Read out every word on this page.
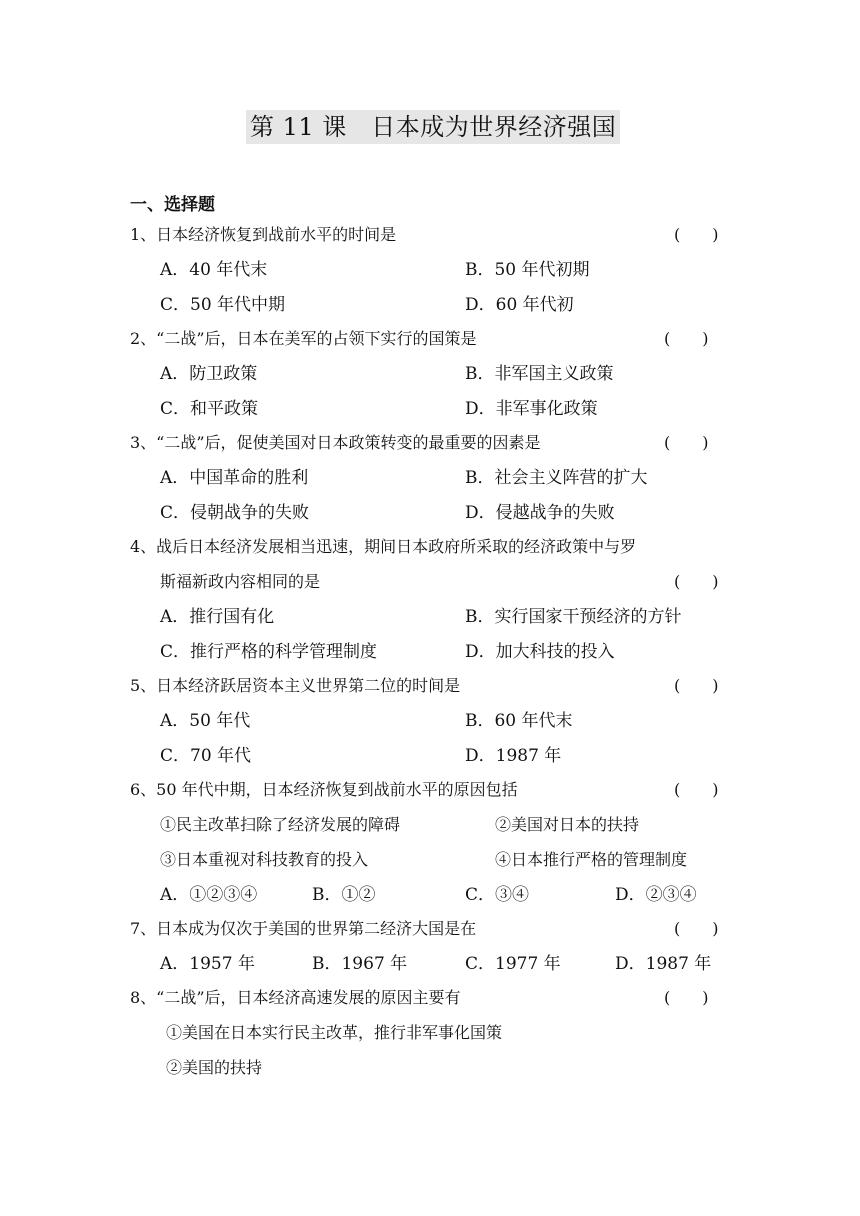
第 11 课　日本成为世界经济强国
一、选择题
1、日本经济恢复到战前水平的时间是	(　　)
A．40 年代末	B．50 年代初期
C．50 年代中期	D．60 年代初
2、“二战”后，日本在美军的占领下实行的国策是	(　　)
A．防卫政策	B．非军国主义政策
C．和平政策	D．非军事化政策
3、“二战”后，促使美国对日本政策转变的最重要的因素是	(　　)
A．中国革命的胜利	B．社会主义阵营的扩大
C．侵朝战争的失败	D．侵越战争的失败
4、战后日本经济发展相当迅速，期间日本政府所采取的经济政策中与罗
斯福新政内容相同的是	(　　)
A．推行国有化	B．实行国家干预经济的方针
C．推行严格的科学管理制度	D．加大科技的投入
5、日本经济跃居资本主义世界第二位的时间是	(　　)
A．50 年代	B．60 年代末
C．70 年代	D．1987 年
6、50 年代中期，日本经济恢复到战前水平的原因包括	(　　)
①民主改革扫除了经济发展的障碍	②美国对日本的扶持
③日本重视对科技教育的投入	④日本推行严格的管理制度
A．①②③④	B．①②	C．③④	D．②③④
7、日本成为仅次于美国的世界第二经济大国是在	(　　)
A．1957 年	B．1967 年	C．1977 年	D．1987 年
8、“二战”后，日本经济高速发展的原因主要有	(　　)
①美国在日本实行民主改革，推行非军事化国策
②美国的扶持
